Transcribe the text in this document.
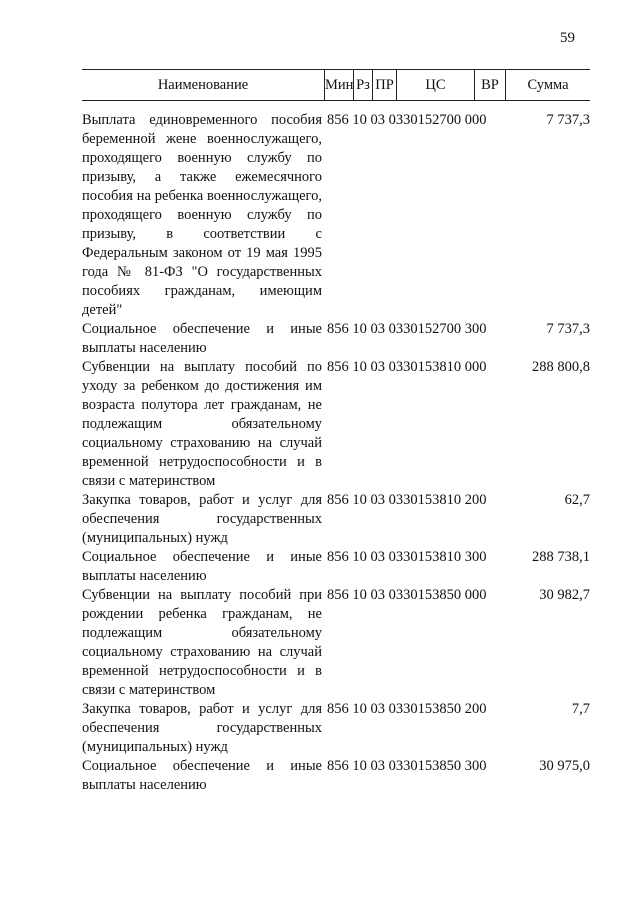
59
Наименование	Мин Рз ПР	ЦС	ВР	Сумма
Выплата единовременного пособия беременной жене военнослужащего, проходящего военную службу по призыву, а также ежемесячного пособия на ребенка военнослужащего, проходящего военную службу по призыву, в соответствии с Федеральным законом от 19 мая 1995 года № 81-ФЗ "О государственных пособиях гражданам, имеющим детей"
856 10 03 0330152700 000	7 737,3
Социальное обеспечение и иные выплаты населению
856 10 03 0330152700 300	7 737,3
Субвенции на выплату пособий по уходу за ребенком до достижения им возраста полутора лет гражданам, не подлежащим обязательному социальному страхованию на случай временной нетрудоспособности и в связи с материнством
856 10 03 0330153810 000	288 800,8
Закупка товаров, работ и услуг для обеспечения государственных (муниципальных) нужд
856 10 03 0330153810 200	62,7
Социальное обеспечение и иные выплаты населению
856 10 03 0330153810 300	288 738,1
Субвенции на выплату пособий при рождении ребенка гражданам, не подлежащим обязательному социальному страхованию на случай временной нетрудоспособности и в связи с материнством
856 10 03 0330153850 000	30 982,7
Закупка товаров, работ и услуг для обеспечения государственных (муниципальных) нужд
856 10 03 0330153850 200	7,7
Социальное обеспечение и иные выплаты населению
856 10 03 0330153850 300	30 975,0
